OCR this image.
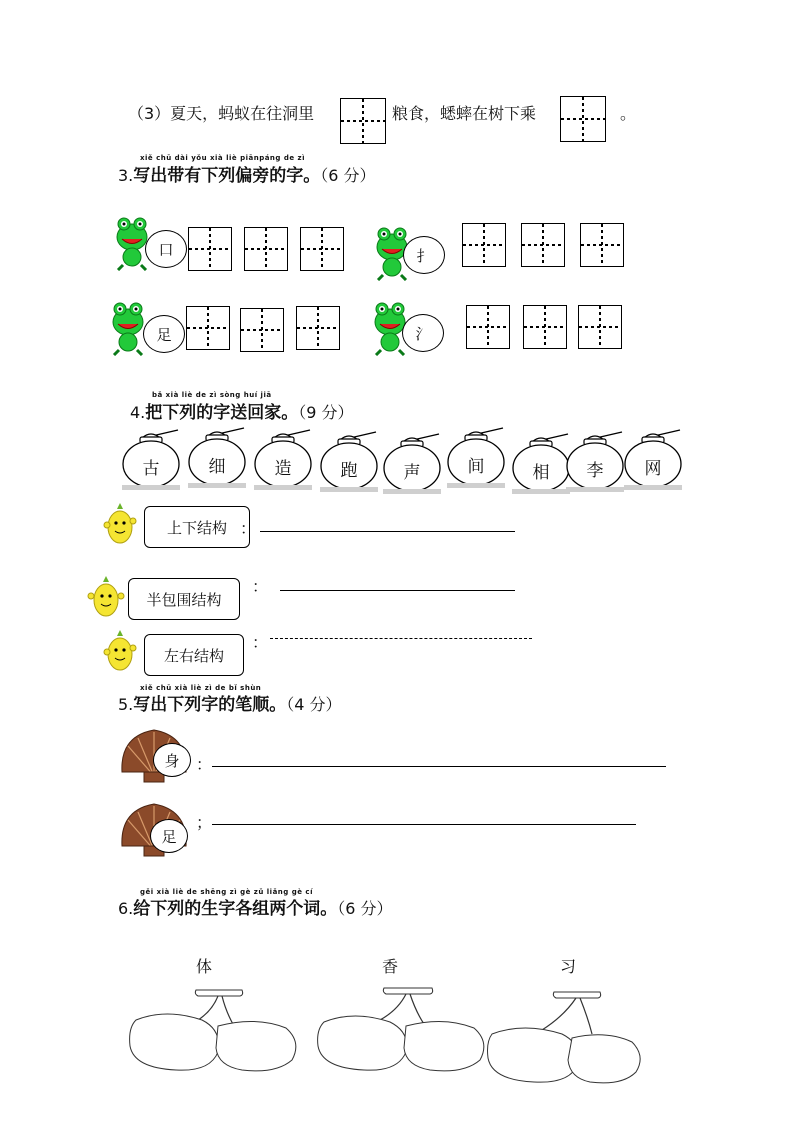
（3）夏天，蚂蚁在往洞里	粮食，蟋蟀在树下乘	。
xiě chū dài yǒu xià liè piānpáng de zì
3.写出带有下列偏旁的字。（6 分）
口	扌
足	氵
bǎ xià liè de zì sòng huí jiā
4.把下列的字送回家。（9 分）
古	细	造	跑	声	间	相	李	网
上下结构 ：
半包围结构
：
左右结构
：
xiě chū xià liè zì de bǐ shùn
5.写出下列字的笔顺。（4 分）
身	：
足
；
gěi xià liè de shēng zì gè zǔ liǎng gè cí
6.给下列的生字各组两个词。（6 分）
体	香	习
